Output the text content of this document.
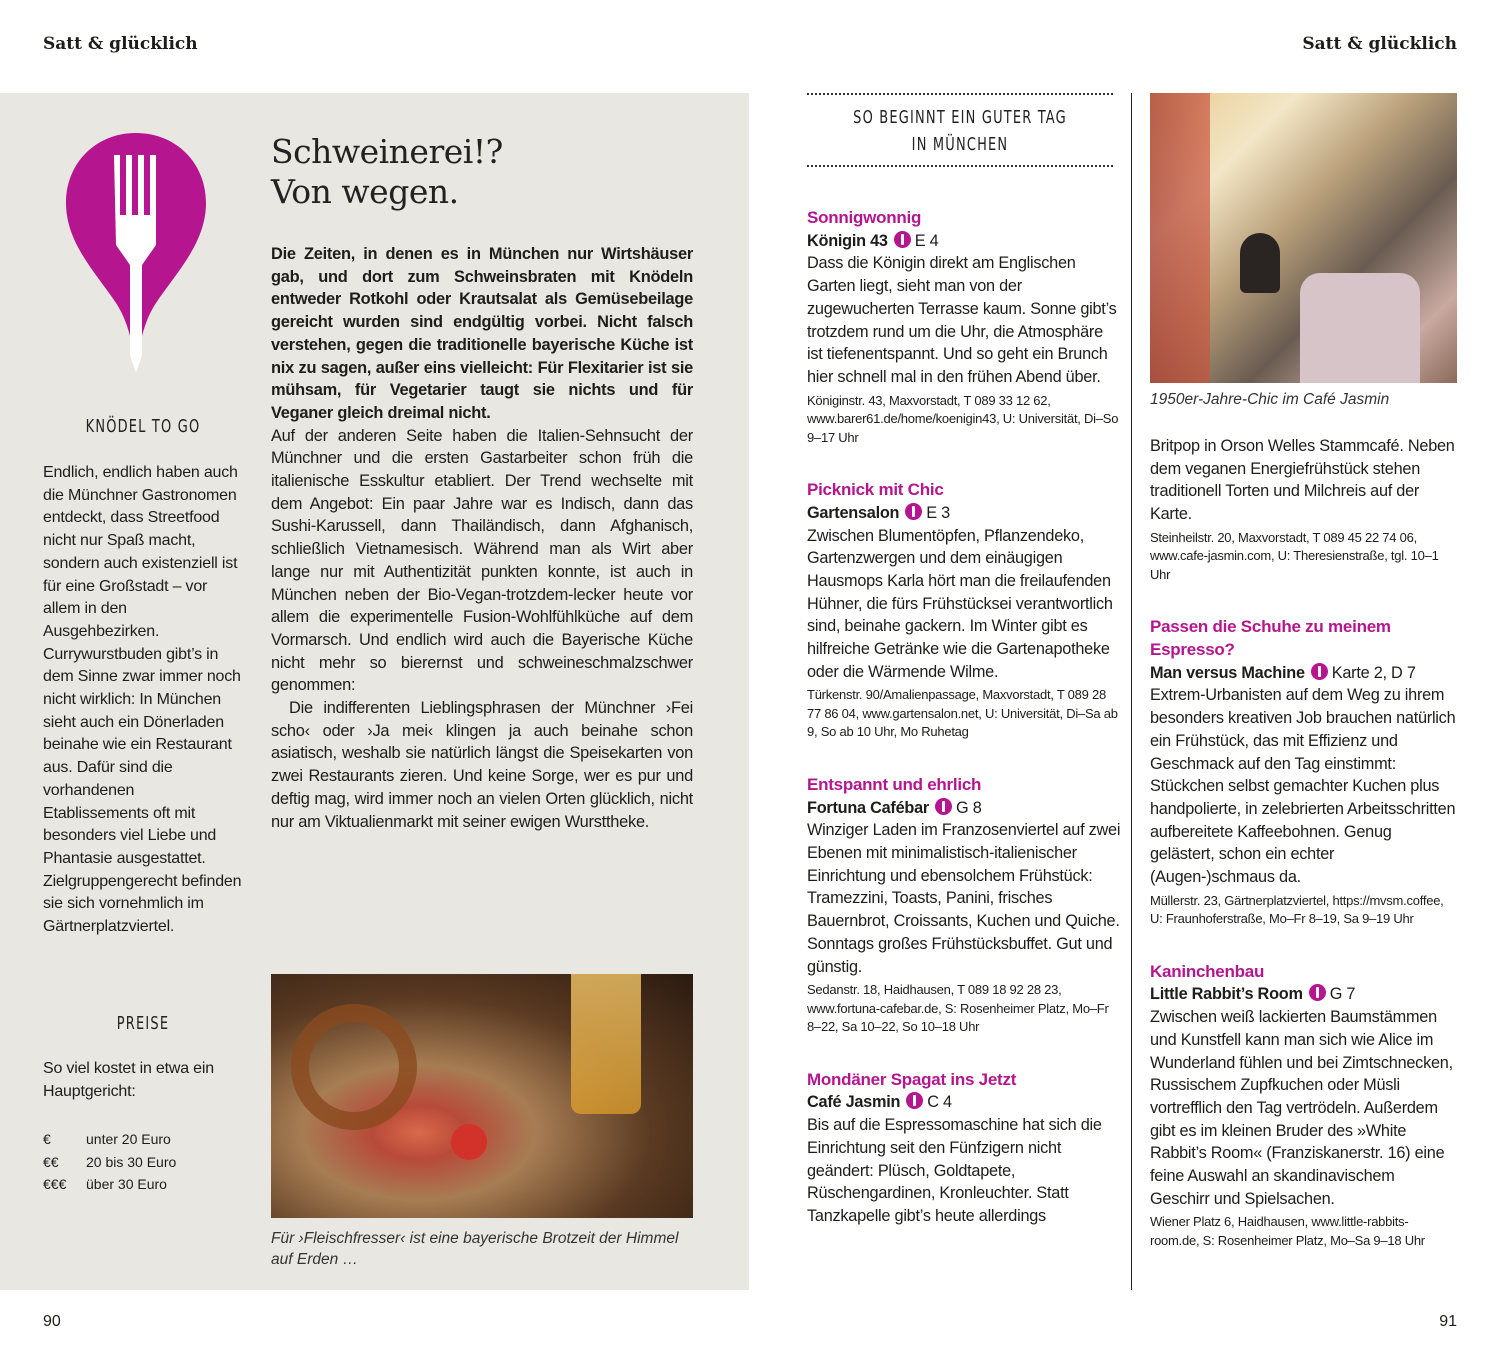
Satt & glücklich	Satt & glücklich
KNÖDEL TO GO
Endlich, endlich haben auch die Münchner Gastronomen entdeckt, dass Streetfood nicht nur Spaß macht, sondern auch existenziell ist für eine Großstadt – vor allem in den Ausgehbezirken. Currywurstbuden gibt’s in dem Sinne zwar immer noch nicht wirklich: In München sieht auch ein Dönerladen beinahe wie ein Restaurant aus. Dafür sind die vorhandenen Etablissements oft mit besonders viel Liebe und Phantasie ausgestattet. Zielgruppengerecht befinden sie sich vornehmlich im Gärtnerplatzviertel.
PREISE
So viel kostet in etwa ein Hauptgericht:
€	unter 20 Euro
€€ 20 bis 30 Euro
€€€ über 30 Euro
Schweinerei!?
Von wegen.

Die Zeiten, in denen es in München nur Wirtshäuser gab, und dort zum Schweinsbraten mit Knödeln entweder Rotkohl oder Krautsalat als Gemüsebeilage gereicht wurden sind endgültig vorbei. Nicht falsch verstehen, gegen die traditionelle bayerische Küche ist nix zu sagen, außer eins vielleicht: Für Flexitarier ist sie mühsam, für Vegetarier taugt sie nichts und für Veganer gleich dreimal nicht.

Auf der anderen Seite haben die Italien-Sehnsucht der Münchner und die ersten Gastarbeiter schon früh die italienische Esskultur etabliert. Der Trend wechselte mit dem Angebot: Ein paar Jahre war es Indisch, dann das Sushi-Karussell, dann Thailändisch, dann Afghanisch, schließlich Vietnamesisch. Während man als Wirt aber lange nur mit Authentizität punkten konnte, ist auch in München neben der Bio-Vegan-trotzdem-lecker heute vor allem die experimentelle Fusion-Wohlfühlküche auf dem Vormarsch. Und endlich wird auch die Bayerische Küche nicht mehr so bierernst und schweineschmalzschwer genommen:

Die indifferenten Lieblingsphrasen der Münchner ›Fei scho‹ oder ›Ja mei‹ klingen ja auch beinahe schon asiatisch, weshalb sie natürlich längst die Speisekarten von zwei Restaurants zieren. Und keine Sorge, wer es pur und deftig mag, wird immer noch an vielen Orten glücklich, nicht nur am Viktualienmarkt mit seiner ewigen Wursttheke.

Für ›Fleischfresser‹ ist eine bayerische Brotzeit der Himmel auf Erden …
90	91
SO BEGINNT EIN GUTER TAG
IN MÜNCHEN
Sonnigwonnig
Königin 43 E 4
Dass die Königin direkt am Englischen Garten liegt, sieht man von der zugewucherten Terrasse kaum. Sonne gibt’s trotzdem rund um die Uhr, die Atmosphäre ist tiefenentspannt. Und so geht ein Brunch hier schnell mal in den frühen Abend über.
Königinstr. 43, Maxvorstadt, T 089 33 12 62, www.barer61.de/home/koenigin43, U: Universität, Di–So 9–17 Uhr
Picknick mit Chic
Gartensalon E 3
Zwischen Blumentöpfen, Pflanzendeko, Gartenzwergen und dem einäugigen Hausmops Karla hört man die freilaufenden Hühner, die fürs Frühstücksei verantwortlich sind, beinahe gackern. Im Winter gibt es hilfreiche Getränke wie die Gartenapotheke oder die Wärmende Wilme.
Türkenstr. 90/Amalienpassage, Maxvorstadt, T 089 28 77 86 04, www.gartensalon.net, U: Universität, Di–Sa ab 9, So ab 10 Uhr, Mo Ruhetag
Entspannt und ehrlich
Fortuna Cafébar G 8
Winziger Laden im Franzosenviertel auf zwei Ebenen mit minimalistisch-italienischer Einrichtung und ebensolchem Frühstück: Tramezzini, Toasts, Panini, frisches Bauernbrot, Croissants, Kuchen und Quiche. Sonntags großes Frühstücksbuffet. Gut und günstig.
Sedanstr. 18, Haidhausen, T 089 18 92 28 23, www.fortuna-cafebar.de, S: Rosenheimer Platz, Mo–Fr 8–22, Sa 10–22, So 10–18 Uhr
Mondäner Spagat ins Jetzt
Café Jasmin C 4
Bis auf die Espressomaschine hat sich die Einrichtung seit den Fünfzigern nicht geändert: Plüsch, Goldtapete, Rüschengardinen, Kronleuchter. Statt Tanzkapelle gibt’s heute allerdings
1950er-Jahre-Chic im Café Jasmin
Britpop in Orson Welles Stammcafé. Neben dem veganen Energiefrühstück stehen traditionell Torten und Milchreis auf der Karte.
Steinheilstr. 20, Maxvorstadt, T 089 45 22 74 06, www.cafe-jasmin.com, U: Theresienstraße, tgl. 10–1 Uhr
Passen die Schuhe zu meinem Espresso?
Man versus Machine Karte 2, D 7
Extrem-Urbanisten auf dem Weg zu ihrem besonders kreativen Job brauchen natürlich ein Frühstück, das mit Effizienz und Geschmack auf den Tag einstimmt: Stückchen selbst gemachter Kuchen plus handpolierte, in zelebrierten Arbeitsschritten aufbereitete Kaffeebohnen. Genug gelästert, schon ein echter (Augen-)schmaus da.
Müllerstr. 23, Gärtnerplatzviertel, https://mvsm.coffee, U: Fraunhoferstraße, Mo–Fr 8–19, Sa 9–19 Uhr
Kaninchenbau
Little Rabbit’s Room G 7
Zwischen weiß lackierten Baumstämmen und Kunstfell kann man sich wie Alice im Wunderland fühlen und bei Zimtschnecken, Russischem Zupfkuchen oder Müsli vortrefflich den Tag vertrödeln. Außerdem gibt es im kleinen Bruder des »White Rabbit’s Room« (Franziskanerstr. 16) eine feine Auswahl an skandinavischem Geschirr und Spielsachen.
Wiener Platz 6, Haidhausen, www.little-rabbits-room.de, S: Rosenheimer Platz, Mo–Sa 9–18 Uhr
